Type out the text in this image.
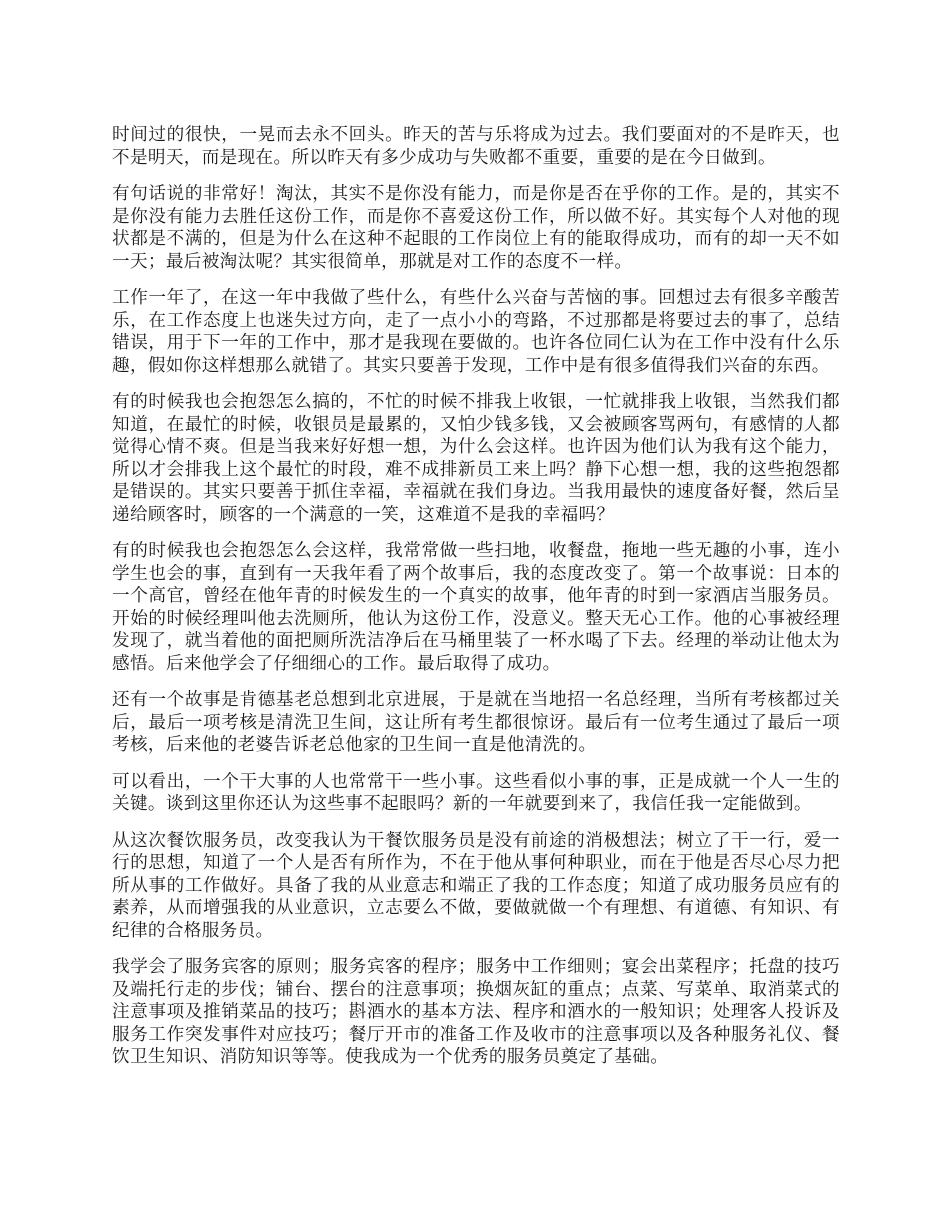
时间过的很快，一晃而去永不回头。昨天的苦与乐将成为过去。我们要面对的不是昨天，也不是明天，而是现在。所以昨天有多少成功与失败都不重要，重要的是在今日做到。

有句话说的非常好！淘汰，其实不是你没有能力，而是你是否在乎你的工作。是的，其实不是你没有能力去胜任这份工作，而是你不喜爱这份工作，所以做不好。其实每个人对他的现状都是不满的，但是为什么在这种不起眼的工作岗位上有的能取得成功，而有的却一天不如一天；最后被淘汰呢？其实很简单，那就是对工作的态度不一样。

工作一年了，在这一年中我做了些什么，有些什么兴奋与苦恼的事。回想过去有很多辛酸苦乐，在工作态度上也迷失过方向，走了一点小小的弯路，不过那都是将要过去的事了，总结错误，用于下一年的工作中，那才是我现在要做的。也许各位同仁认为在工作中没有什么乐趣，假如你这样想那么就错了。其实只要善于发现，工作中是有很多值得我们兴奋的东西。

有的时候我也会抱怨怎么搞的，不忙的时候不排我上收银，一忙就排我上收银，当然我们都知道，在最忙的时候，收银员是最累的，又怕少钱多钱，又会被顾客骂两句，有感情的人都觉得心情不爽。但是当我来好好想一想，为什么会这样。也许因为他们认为我有这个能力，所以才会排我上这个最忙的时段，难不成排新员工来上吗？静下心想一想，我的这些抱怨都是错误的。其实只要善于抓住幸福，幸福就在我们身边。当我用最快的速度备好餐，然后呈递给顾客时，顾客的一个满意的一笑，这难道不是我的幸福吗？

有的时候我也会抱怨怎么会这样，我常常做一些扫地，收餐盘，拖地一些无趣的小事，连小学生也会的事，直到有一天我年看了两个故事后，我的态度改变了。第一个故事说：日本的一个高官，曾经在他年青的时候发生的一个真实的故事，他年青的时到一家酒店当服务员。开始的时候经理叫他去洗厕所，他认为这份工作，没意义。整天无心工作。他的心事被经理发现了，就当着他的面把厕所洗洁净后在马桶里装了一杯水喝了下去。经理的举动让他太为感悟。后来他学会了仔细细心的工作。最后取得了成功。

还有一个故事是肯德基老总想到北京进展，于是就在当地招一名总经理，当所有考核都过关后，最后一项考核是清洗卫生间，这让所有考生都很惊讶。最后有一位考生通过了最后一项考核，后来他的老婆告诉老总他家的卫生间一直是他清洗的。

可以看出，一个干大事的人也常常干一些小事。这些看似小事的事，正是成就一个人一生的关键。谈到这里你还认为这些事不起眼吗？新的一年就要到来了，我信任我一定能做到。

从这次餐饮服务员，改变我认为干餐饮服务员是没有前途的消极想法；树立了干一行，爱一行的思想，知道了一个人是否有所作为，不在于他从事何种职业，而在于他是否尽心尽力把所从事的工作做好。具备了我的从业意志和端正了我的工作态度；知道了成功服务员应有的素养，从而增强我的从业意识，立志要么不做，要做就做一个有理想、有道德、有知识、有纪律的合格服务员。

我学会了服务宾客的原则；服务宾客的程序；服务中工作细则；宴会出菜程序；托盘的技巧及端托行走的步伐；铺台、摆台的注意事项；换烟灰缸的重点；点菜、写菜单、取消菜式的注意事项及推销菜品的技巧；斟酒水的基本方法、程序和酒水的一般知识；处理客人投诉及服务工作突发事件对应技巧；餐厅开市的准备工作及收市的注意事项以及各种服务礼仪、餐饮卫生知识、消防知识等等。使我成为一个优秀的服务员奠定了基础。
